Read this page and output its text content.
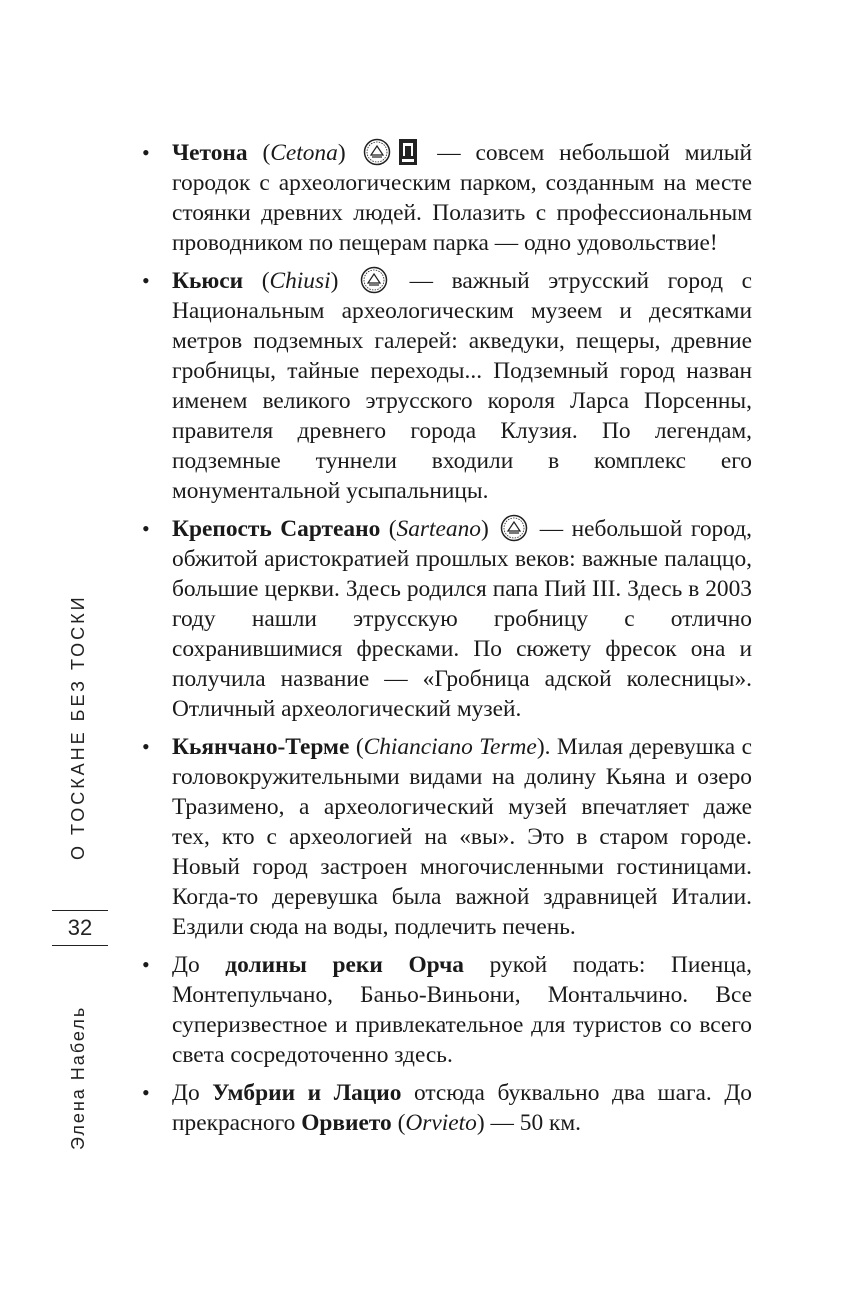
О ТОСКАНЕ БЕЗ ТОСКИ
32
Элена Набель
• Четона (Cetona)	— совсем небольшой милый городок с археологическим парком, созданным на месте стоянки древних людей. Полазить с профессиональным проводником по пещерам парка — одно удовольствие!
• Кьюси (Chiusi)
— важный этрусский город с Национальным археологическим музеем и десятками метров подземных галерей: акведуки, пещеры, древние гробницы, тайные переходы... Подземный город назван именем великого этрусского короля Ларса Порсенны, правителя древнего города Клузия. По легендам, подземные туннели входили в комплекс его монументальной усыпальницы.
• Крепость Сартеано (Sarteano)
— небольшой город, обжитой аристократией прошлых веков: важные палаццо, большие церкви. Здесь родился папа Пий III. Здесь в 2003 году нашли этрусскую гробницу с отлично сохранившимися фресками. По сюжету фресок она и получила название — «Гробница адской колесницы». Отличный археологический музей.
• Кьянчано-Терме (Chianciano Terme). Милая деревушка с головокружительными видами на долину Кьяна и озеро Тразимено, а археологический музей впечатляет даже тех, кто с археологией на «вы». Это в старом городе. Новый город застроен многочисленными гостиницами. Когда-то деревушка была важной здравницей Италии. Ездили сюда на воды, подлечить печень.
• До долины реки Орча рукой подать: Пиенца, Монтепульчано, Баньо-Виньони, Монтальчино. Все суперизвестное и привлекательное для туристов со всего света сосредоточенно здесь.
• До Умбрии и Лацио отсюда буквально два шага. До прекрасного Орвието (Orvieto) — 50 км.
